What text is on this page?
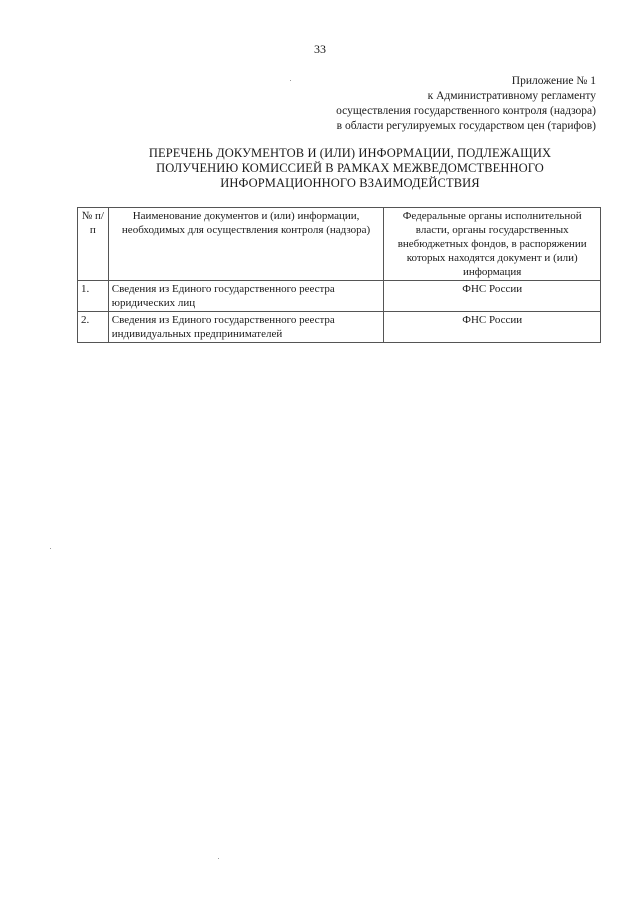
33
Приложение № 1
к Административному регламенту
осуществления государственного контроля (надзора)
в области регулируемых государством цен (тарифов)
ПЕРЕЧЕНЬ ДОКУМЕНТОВ И (ИЛИ) ИНФОРМАЦИИ, ПОДЛЕЖАЩИХ
ПОЛУЧЕНИЮ КОМИССИЕЙ В РАМКАХ МЕЖВЕДОМСТВЕННОГО
ИНФОРМАЦИОННОГО ВЗАИМОДЕЙСТВИЯ
№ п/п	Наименование документов и (или) информации, необходимых для осуществления контроля (надзора)	Федеральные органы исполнительной власти, органы государственных внебюджетных фондов, в распоряжении которых находятся документ и (или) информация
1.	Сведения из Единого государственного реестра юридических лиц	ФНС России
2.	Сведения из Единого государственного реестра индивидуальных предпринимателей	ФНС России
